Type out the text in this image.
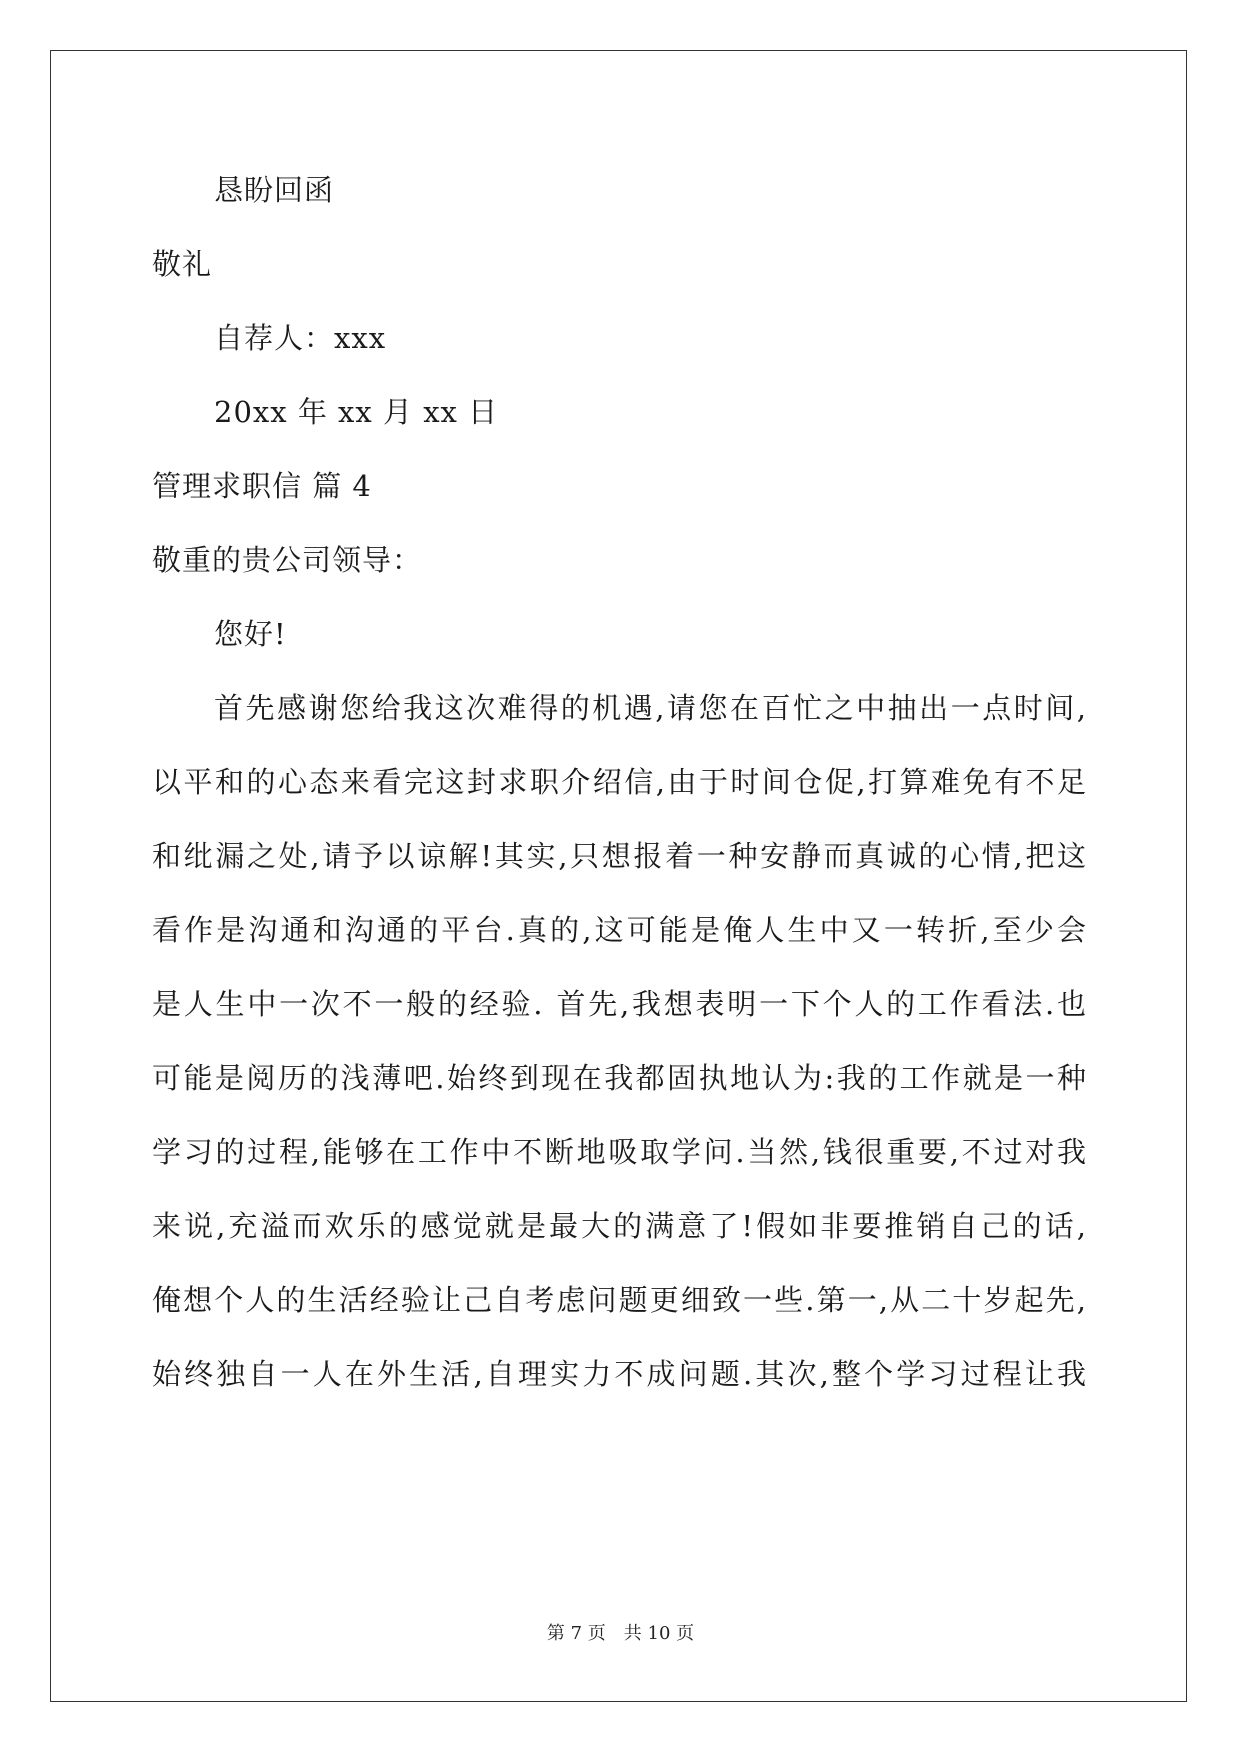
恳盼回函
敬礼
自荐人：xxx
20xx 年 xx 月 xx 日
管理求职信 篇 4
敬重的贵公司领导：
您好!
首先感谢您给我这次难得的机遇,请您在百忙之中抽出一点时间,
以平和的心态来看完这封求职介绍信,由于时间仓促,打算难免有不足
和纰漏之处,请予以谅解!其实,只想报着一种安静而真诚的心情,把这
看作是沟通和沟通的平台.真的,这可能是俺人生中又一转折,至少会
是人生中一次不一般的经验. 首先,我想表明一下个人的工作看法.也
可能是阅历的浅薄吧.始终到现在我都固执地认为:我的工作就是一种
学习的过程,能够在工作中不断地吸取学问.当然,钱很重要,不过对我
来说,充溢而欢乐的感觉就是最大的满意了!假如非要推销自己的话,
俺想个人的生活经验让己自考虑问题更细致一些.第一,从二十岁起先,
始终独自一人在外生活,自理实力不成问题.其次,整个学习过程让我
第 7 页 共 10 页
